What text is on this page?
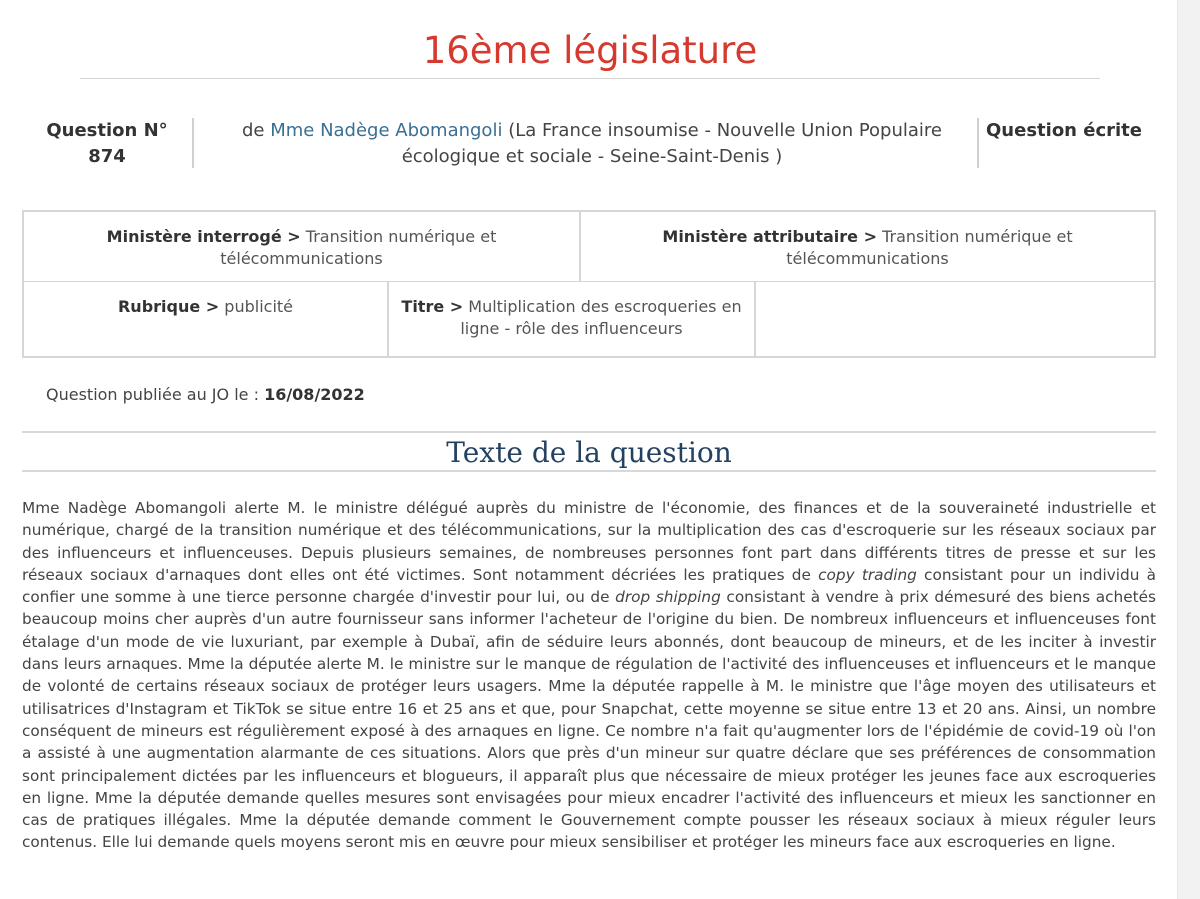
16ème législature
Question N°
874
de Mme Nadège Abomangoli (La France insoumise - Nouvelle Union Populaire écologique et sociale - Seine-Saint-Denis )
Question écrite
Ministère interrogé > Transition numérique et télécommunications
Ministère attributaire > Transition numérique et télécommunications
Rubrique > publicité	Titre > Multiplication des escroqueries en ligne - rôle des influenceurs
Question publiée au JO le : 16/08/2022
Texte de la question

Mme Nadège Abomangoli alerte M. le ministre délégué auprès du ministre de l'économie, des finances et de la souveraineté industrielle et numérique, chargé de la transition numérique et des télécommunications, sur la multiplication des cas d'escroquerie sur les réseaux sociaux par des influenceurs et influenceuses. Depuis plusieurs semaines, de nombreuses personnes font part dans différents titres de presse et sur les réseaux sociaux d'arnaques dont elles ont été victimes. Sont notamment décriées les pratiques de copy trading consistant pour un individu à confier une somme à une tierce personne chargée d'investir pour lui, ou de drop shipping consistant à vendre à prix démesuré des biens achetés beaucoup moins cher auprès d'un autre fournisseur sans informer l'acheteur de l'origine du bien. De nombreux influenceurs et influenceuses font étalage d'un mode de vie luxuriant, par exemple à Dubaï, afin de séduire leurs abonnés, dont beaucoup de mineurs, et de les inciter à investir dans leurs arnaques. Mme la députée alerte M. le ministre sur le manque de régulation de l'activité des influenceuses et influenceurs et le manque de volonté de certains réseaux sociaux de protéger leurs usagers. Mme la députée rappelle à M. le ministre que l'âge moyen des utilisateurs et utilisatrices d'Instagram et TikTok se situe entre 16 et 25 ans et que, pour Snapchat, cette moyenne se situe entre 13 et 20 ans. Ainsi, un nombre conséquent de mineurs est régulièrement exposé à des arnaques en ligne. Ce nombre n'a fait qu'augmenter lors de l'épidémie de covid-19 où l'on a assisté à une augmentation alarmante de ces situations. Alors que près d'un mineur sur quatre déclare que ses préférences de consommation sont principalement dictées par les influenceurs et blogueurs, il apparaît plus que nécessaire de mieux protéger les jeunes face aux escroqueries en ligne. Mme la députée demande quelles mesures sont envisagées pour mieux encadrer l'activité des influenceurs et mieux les sanctionner en cas de pratiques illégales. Mme la députée demande comment le Gouvernement compte pousser les réseaux sociaux à mieux réguler leurs contenus. Elle lui demande quels moyens seront mis en œuvre pour mieux sensibiliser et protéger les mineurs face aux escroqueries en ligne.
